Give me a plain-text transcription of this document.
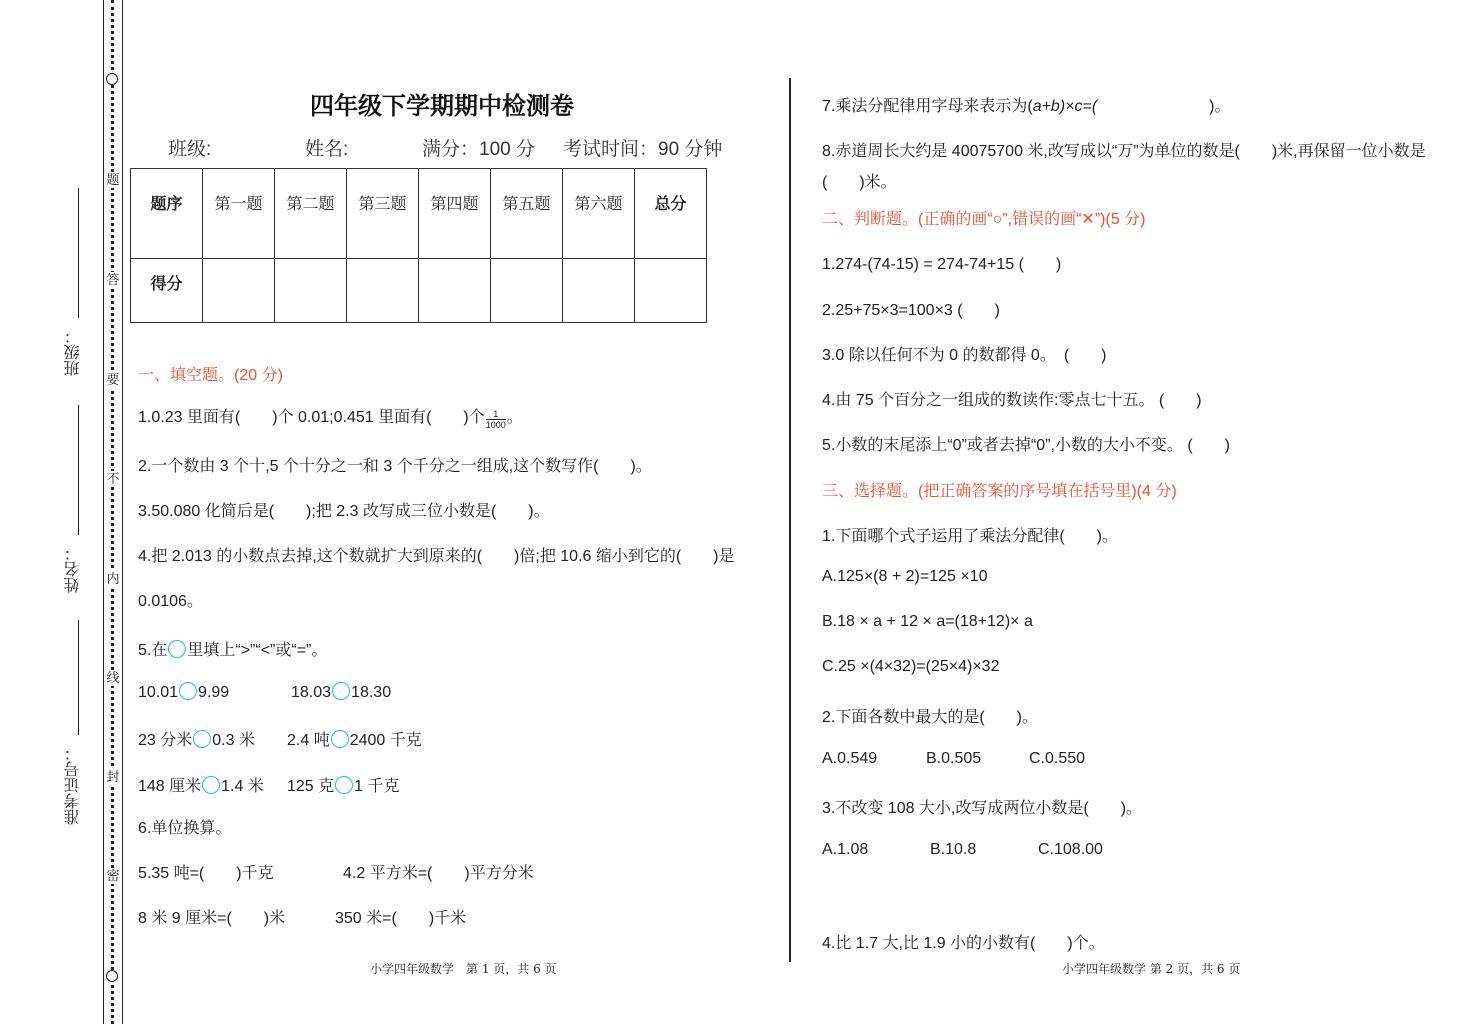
题
答
要
不
内
线
封
密
班级：
姓名：
准考证号：
四年级下学期期中检测卷
班级:	姓名:	满分：100 分 考试时间：90 分钟
题序	第一题	第二题	第三题	第四题	第五题	第六题	总分
得分							
一、填空题。(20 分)
1.0.23 里面有(　　)个 0.01;0.451 里面有(　　)个 $\frac{1}{1000}$ 。
2.一个数由 3 个十,5 个十分之一和 3 个千分之一组成,这个数写作(　　)。
3.50.080 化简后是(　　);把 2.3 改写成三位小数是(　　)。
4.把 2.013 的小数点去掉,这个数就扩大到原来的(　　)倍;把 10.6 缩小到它的(　　)是
0.0106。
5.在 里填上“>”“<”或“=”。
10.01 9.99	18.03 18.30
23 分米 0.3 米 2.4 吨 2400 千克
148 厘米 1.4 米 125 克 1 千克
6.单位换算。
5.35 吨=(　　)千克	4.2 平方米=(　　)平方分米
8 米 9 厘米=(　　)米	350 米=(　　)千米
小学四年级数学　第 1 页，共 6 页
7.乘法分配律用字母来表示为(a+b)×c=(　　　　　　　)。
8.赤道周长大约是 40075700 米,改写成以“万”为单位的数是(　　)米,再保留一位小数是
(　　)米。
二、判断题。(正确的画“○”,错误的画“✕”)(5 分)
1.274-(74-15) = 274-74+15 (　　)
2.25+75×3=100×3 (　　)
3.0 除以任何不为 0 的数都得 0。　(　　)
4.由 75 个百分之一组成的数读作:零点七十五。 (　　)
5.小数的末尾添上“0”或者去掉“0”,小数的大小不变。 (　　)
三、选择题。(把正确答案的序号填在括号里)(4 分)
1.下面哪个式子运用了乘法分配律(　　)。
A.125×(8 + 2)=125 ×10
B.18 × a + 12 × a=(18+12)× a
C.25 ×(4×32)=(25×4)×32
2.下面各数中最大的是(　　)。
A.0.549	B.0.505	C.0.550
3.不改变 108 大小,改写成两位小数是(　　)。
A.1.08	B.10.8	C.108.00
4.比 1.7 大,比 1.9 小的小数有(　　)个。
小学四年级数学 第 2 页，共 6 页
